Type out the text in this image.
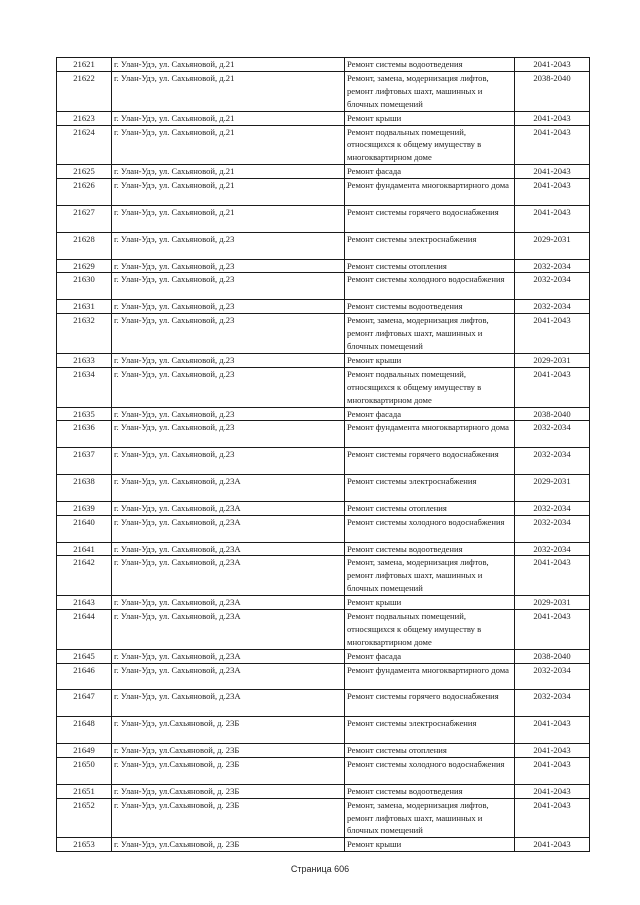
21621	г. Улан-Удэ, ул. Сахьяновой, д.21	Ремонт системы водоотведения	2041-2043
21622	г. Улан-Удэ, ул. Сахьяновой, д.21	Ремонт, замена, модернизация лифтов, ремонт лифтовых шахт, машинных и блочных помещений	2038-2040
21623	г. Улан-Удэ, ул. Сахьяновой, д.21	Ремонт крыши	2041-2043
21624	г. Улан-Удэ, ул. Сахьяновой, д.21	Ремонт подвальных помещений, относящихся к общему имуществу в многоквартирном доме	2041-2043
21625	г. Улан-Удэ, ул. Сахьяновой, д.21	Ремонт фасада	2041-2043
21626	г. Улан-Удэ, ул. Сахьяновой, д.21	Ремонт фундамента многоквартирного дома	2041-2043
21627	г. Улан-Удэ, ул. Сахьяновой, д.21	Ремонт системы горячего водоснабжения	2041-2043
21628	г. Улан-Удэ, ул. Сахьяновой, д.23	Ремонт системы электроснабжения	2029-2031
21629	г. Улан-Удэ, ул. Сахьяновой, д.23	Ремонт системы отопления	2032-2034
21630	г. Улан-Удэ, ул. Сахьяновой, д.23	Ремонт системы холодного водоснабжения	2032-2034
21631	г. Улан-Удэ, ул. Сахьяновой, д.23	Ремонт системы водоотведения	2032-2034
21632	г. Улан-Удэ, ул. Сахьяновой, д.23	Ремонт, замена, модернизация лифтов, ремонт лифтовых шахт, машинных и блочных помещений	2041-2043
21633	г. Улан-Удэ, ул. Сахьяновой, д.23	Ремонт крыши	2029-2031
21634	г. Улан-Удэ, ул. Сахьяновой, д.23	Ремонт подвальных помещений, относящихся к общему имуществу в многоквартирном доме	2041-2043
21635	г. Улан-Удэ, ул. Сахьяновой, д.23	Ремонт фасада	2038-2040
21636	г. Улан-Удэ, ул. Сахьяновой, д.23	Ремонт фундамента многоквартирного дома	2032-2034
21637	г. Улан-Удэ, ул. Сахьяновой, д.23	Ремонт системы горячего водоснабжения	2032-2034
21638	г. Улан-Удэ, ул. Сахьяновой, д.23А	Ремонт системы электроснабжения	2029-2031
21639	г. Улан-Удэ, ул. Сахьяновой, д.23А	Ремонт системы отопления	2032-2034
21640	г. Улан-Удэ, ул. Сахьяновой, д.23А	Ремонт системы холодного водоснабжения	2032-2034
21641	г. Улан-Удэ, ул. Сахьяновой, д.23А	Ремонт системы водоотведения	2032-2034
21642	г. Улан-Удэ, ул. Сахьяновой, д.23А	Ремонт, замена, модернизация лифтов, ремонт лифтовых шахт, машинных и блочных помещений	2041-2043
21643	г. Улан-Удэ, ул. Сахьяновой, д.23А	Ремонт крыши	2029-2031
21644	г. Улан-Удэ, ул. Сахьяновой, д.23А	Ремонт подвальных помещений, относящихся к общему имуществу в многоквартирном доме	2041-2043
21645	г. Улан-Удэ, ул. Сахьяновой, д.23А	Ремонт фасада	2038-2040
21646	г. Улан-Удэ, ул. Сахьяновой, д.23А	Ремонт фундамента многоквартирного дома	2032-2034
21647	г. Улан-Удэ, ул. Сахьяновой, д.23А	Ремонт системы горячего водоснабжения	2032-2034
21648	г. Улан-Удэ, ул.Сахьяновой, д. 23Б	Ремонт системы электроснабжения	2041-2043
21649	г. Улан-Удэ, ул.Сахьяновой, д. 23Б	Ремонт системы отопления	2041-2043
21650	г. Улан-Удэ, ул.Сахьяновой, д. 23Б	Ремонт системы холодного водоснабжения	2041-2043
21651	г. Улан-Удэ, ул.Сахьяновой, д. 23Б	Ремонт системы водоотведения	2041-2043
21652	г. Улан-Удэ, ул.Сахьяновой, д. 23Б	Ремонт, замена, модернизация лифтов, ремонт лифтовых шахт, машинных и блочных помещений	2041-2043
21653	г. Улан-Удэ, ул.Сахьяновой, д. 23Б	Ремонт крыши	2041-2043
Страница 606
